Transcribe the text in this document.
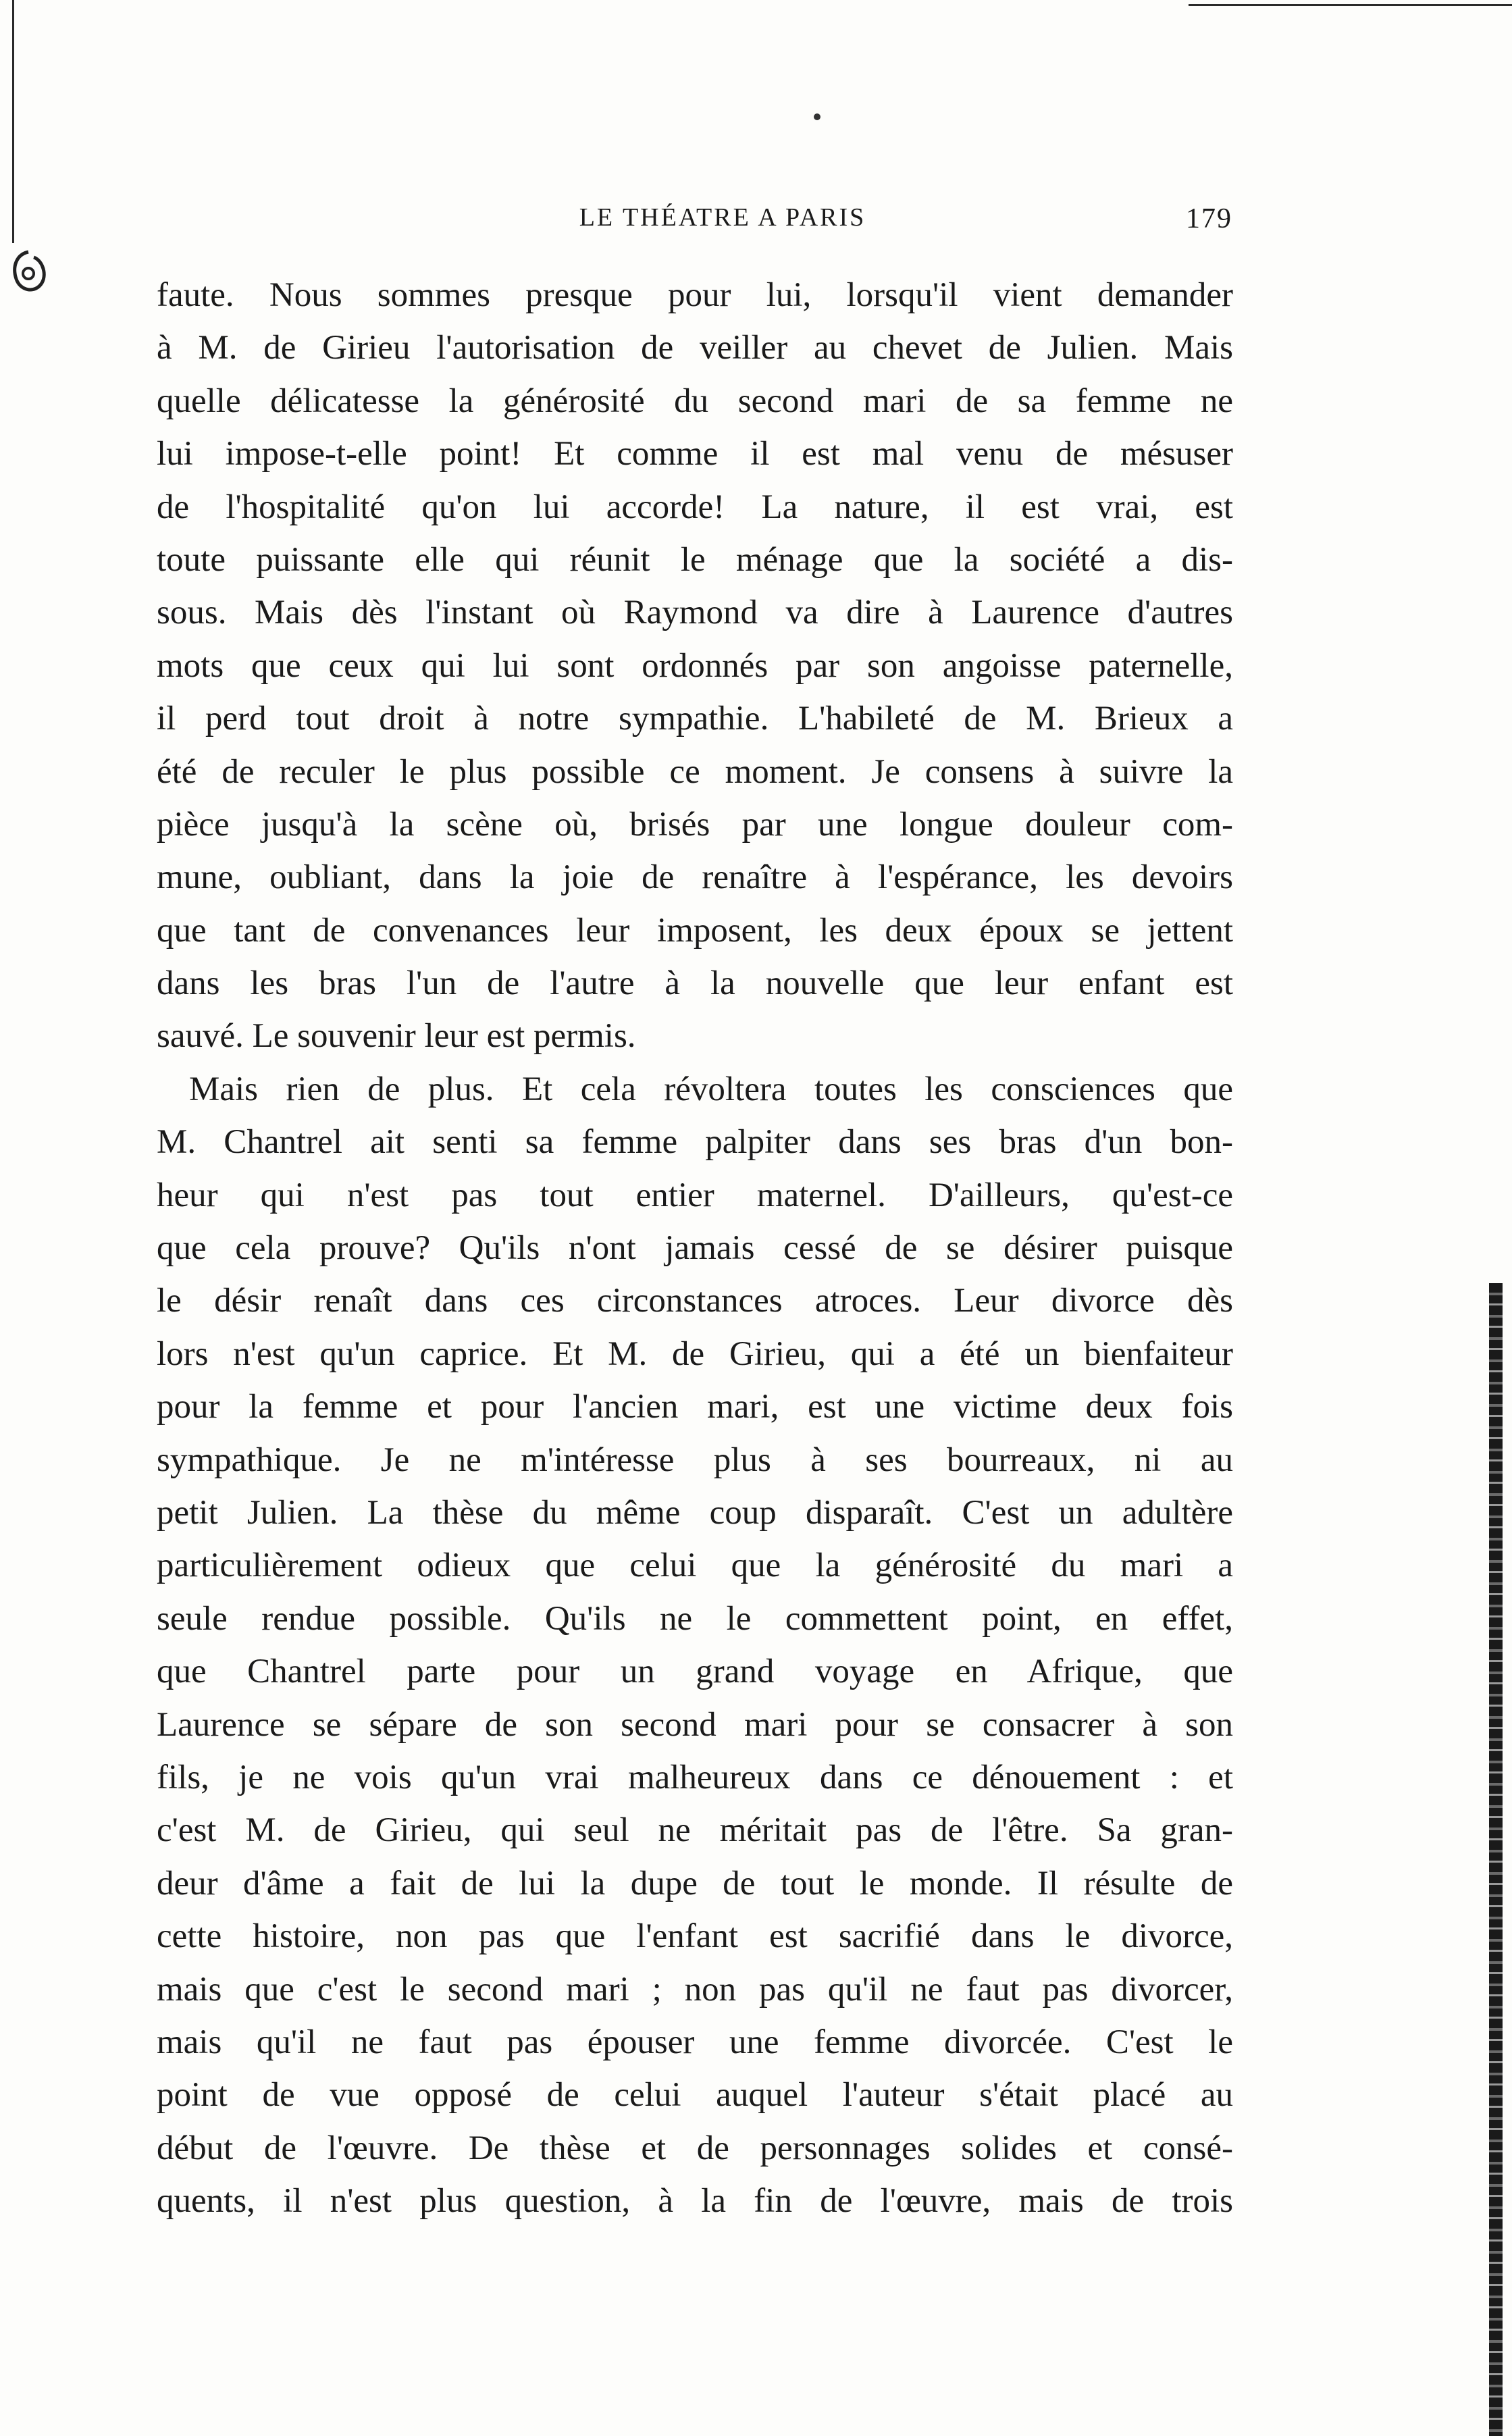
LE THÉATRE A PARIS	179
faute. Nous sommes presque pour lui, lorsqu'il vient demander
à M. de Girieu l'autorisation de veiller au chevet de Julien. Mais
quelle délicatesse la générosité du second mari de sa femme ne
lui impose-t-elle point! Et comme il est mal venu de mésuser
de l'hospitalité qu'on lui accorde! La nature, il est vrai, est
toute puissante elle qui réunit le ménage que la société a dis-
sous. Mais dès l'instant où Raymond va dire à Laurence d'autres
mots que ceux qui lui sont ordonnés par son angoisse paternelle,
il perd tout droit à notre sympathie. L'habileté de M. Brieux a
été de reculer le plus possible ce moment. Je consens à suivre la
pièce jusqu'à la scène où, brisés par une longue douleur com-
mune, oubliant, dans la joie de renaître à l'espérance, les devoirs
que tant de convenances leur imposent, les deux époux se jettent
dans les bras l'un de l'autre à la nouvelle que leur enfant est
sauvé. Le souvenir leur est permis.
Mais rien de plus. Et cela révoltera toutes les consciences que
M. Chantrel ait senti sa femme palpiter dans ses bras d'un bon-
heur qui n'est pas tout entier maternel. D'ailleurs, qu'est-ce
que cela prouve? Qu'ils n'ont jamais cessé de se désirer puisque
le désir renaît dans ces circonstances atroces. Leur divorce dès
lors n'est qu'un caprice. Et M. de Girieu, qui a été un bienfaiteur
pour la femme et pour l'ancien mari, est une victime deux fois
sympathique. Je ne m'intéresse plus à ses bourreaux, ni au
petit Julien. La thèse du même coup disparaît. C'est un adultère
particulièrement odieux que celui que la générosité du mari a
seule rendue possible. Qu'ils ne le commettent point, en effet,
que Chantrel parte pour un grand voyage en Afrique, que
Laurence se sépare de son second mari pour se consacrer à son
fils, je ne vois qu'un vrai malheureux dans ce dénouement : et
c'est M. de Girieu, qui seul ne méritait pas de l'être. Sa gran-
deur d'âme a fait de lui la dupe de tout le monde. Il résulte de
cette histoire, non pas que l'enfant est sacrifié dans le divorce,
mais que c'est le second mari ; non pas qu'il ne faut pas divorcer,
mais qu'il ne faut pas épouser une femme divorcée. C'est le
point de vue opposé de celui auquel l'auteur s'était placé au
début de l'œuvre. De thèse et de personnages solides et consé-
quents, il n'est plus question, à la fin de l'œuvre, mais de trois
